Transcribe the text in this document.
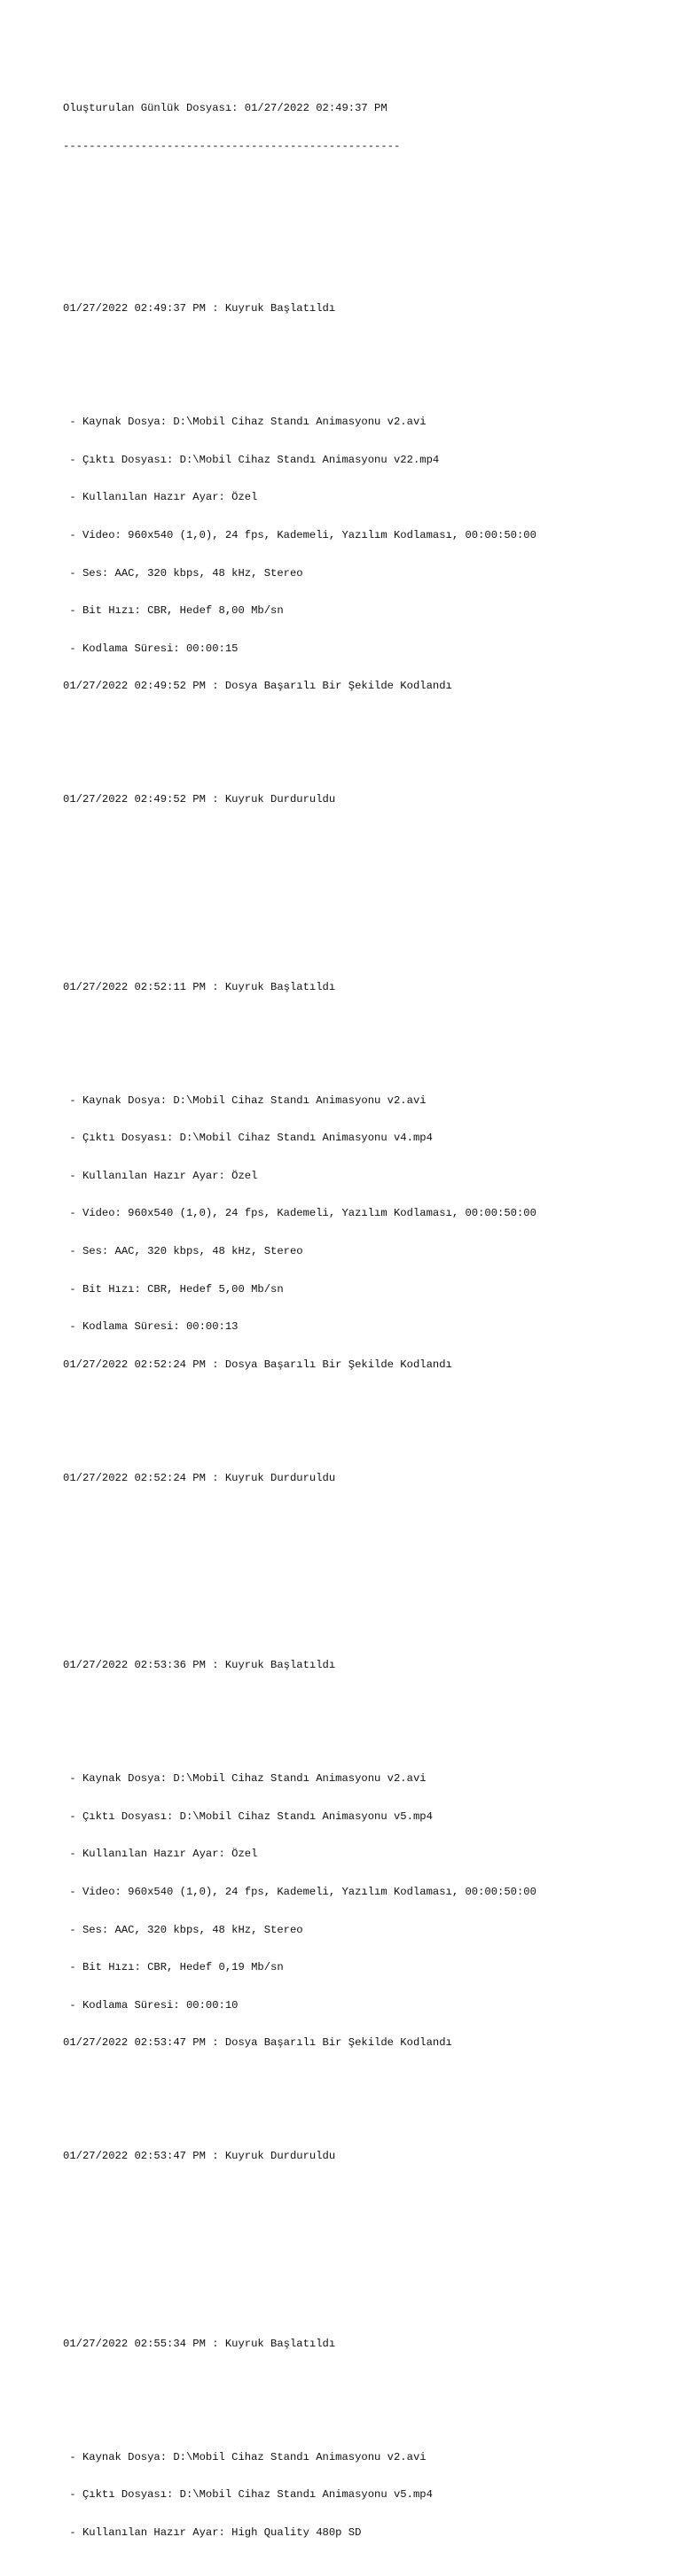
Oluşturulan Günlük Dosyası: 01/27/2022 02:49:37 PM

----------------------------------------------------

01/27/2022 02:49:37 PM : Kuyruk Başlatıldı

- Kaynak Dosya: D:\Mobil Cihaz Standı Animasyonu v2.avi

- Çıktı Dosyası: D:\Mobil Cihaz Standı Animasyonu v22.mp4

- Kullanılan Hazır Ayar: Özel

- Video: 960x540 (1,0), 24 fps, Kademeli, Yazılım Kodlaması, 00:00:50:00

- Ses: AAC, 320 kbps, 48 kHz, Stereo

- Bit Hızı: CBR, Hedef 8,00 Mb/sn

- Kodlama Süresi: 00:00:15

01/27/2022 02:49:52 PM : Dosya Başarılı Bir Şekilde Kodlandı

01/27/2022 02:49:52 PM : Kuyruk Durduruldu

01/27/2022 02:52:11 PM : Kuyruk Başlatıldı

- Kaynak Dosya: D:\Mobil Cihaz Standı Animasyonu v2.avi

- Çıktı Dosyası: D:\Mobil Cihaz Standı Animasyonu v4.mp4

- Kullanılan Hazır Ayar: Özel

- Video: 960x540 (1,0), 24 fps, Kademeli, Yazılım Kodlaması, 00:00:50:00

- Ses: AAC, 320 kbps, 48 kHz, Stereo

- Bit Hızı: CBR, Hedef 5,00 Mb/sn

- Kodlama Süresi: 00:00:13

01/27/2022 02:52:24 PM : Dosya Başarılı Bir Şekilde Kodlandı

01/27/2022 02:52:24 PM : Kuyruk Durduruldu

01/27/2022 02:53:36 PM : Kuyruk Başlatıldı

- Kaynak Dosya: D:\Mobil Cihaz Standı Animasyonu v2.avi

- Çıktı Dosyası: D:\Mobil Cihaz Standı Animasyonu v5.mp4

- Kullanılan Hazır Ayar: Özel

- Video: 960x540 (1,0), 24 fps, Kademeli, Yazılım Kodlaması, 00:00:50:00

- Ses: AAC, 320 kbps, 48 kHz, Stereo

- Bit Hızı: CBR, Hedef 0,19 Mb/sn

- Kodlama Süresi: 00:00:10

01/27/2022 02:53:47 PM : Dosya Başarılı Bir Şekilde Kodlandı

01/27/2022 02:53:47 PM : Kuyruk Durduruldu

01/27/2022 02:55:34 PM : Kuyruk Başlatıldı

- Kaynak Dosya: D:\Mobil Cihaz Standı Animasyonu v2.avi

- Çıktı Dosyası: D:\Mobil Cihaz Standı Animasyonu v5.mp4

- Kullanılan Hazır Ayar: High Quality 480p SD
